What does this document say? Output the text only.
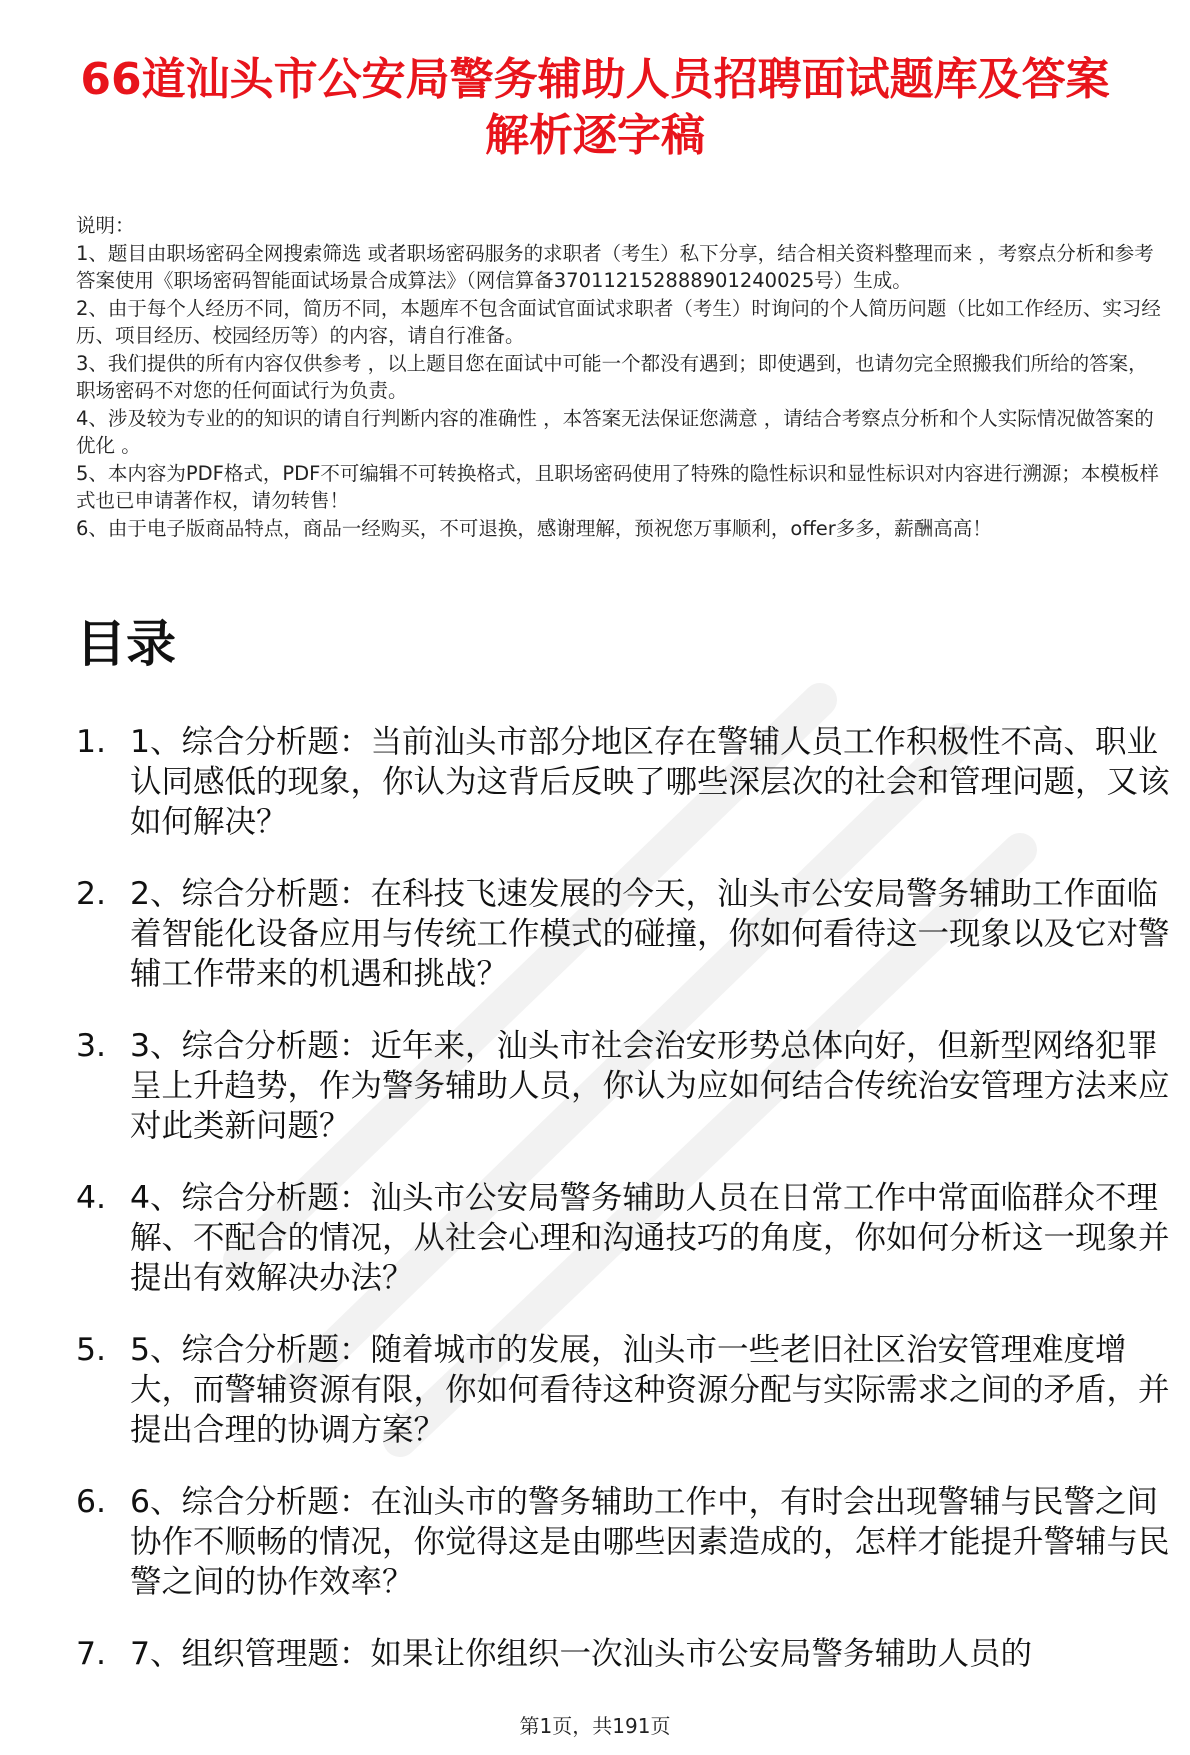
66道汕头市公安局警务辅助人员招聘面试题库及答案解析逐字稿

说明：

1、题目由职场密码全网搜索筛选 或者职场密码服务的求职者（考生）私下分享，结合相关资料整理而来 ，考察点分析和参考答案使用《职场密码智能面试场景合成算法》（网信算备370112152888901240025号）生成。

2、由于每个人经历不同，简历不同，本题库不包含面试官面试求职者（考生）时询问的个人简历问题（比如工作经历、实习经历、项目经历、校园经历等）的内容，请自行准备。

3、我们提供的所有内容仅供参考 ，以上题目您在面试中可能一个都没有遇到；即使遇到，也请勿完全照搬我们所给的答案，职场密码不对您的任何面试行为负责。

4、涉及较为专业的的知识的请自行判断内容的准确性 ，本答案无法保证您满意 ，请结合考察点分析和个人实际情况做答案的优化 。

5、本内容为PDF格式，PDF不可编辑不可转换格式，且职场密码使用了特殊的隐性标识和显性标识对内容进行溯源；本模板样式也已申请著作权，请勿转售！

6、由于电子版商品特点，商品一经购买，不可退换，感谢理解，预祝您万事顺利，offer多多，薪酬高高！

目录
1. 1、综合分析题：当前汕头市部分地区存在警辅人员工作积极性不高、职业认同感低的现象，你认为这背后反映了哪些深层次的社会和管理问题，又该如何解决？
2. 2、综合分析题：在科技飞速发展的今天，汕头市公安局警务辅助工作面临着智能化设备应用与传统工作模式的碰撞，你如何看待这一现象以及它对警辅工作带来的机遇和挑战？
3. 3、综合分析题：近年来，汕头市社会治安形势总体向好，但新型网络犯罪呈上升趋势，作为警务辅助人员，你认为应如何结合传统治安管理方法来应对此类新问题？
4. 4、综合分析题：汕头市公安局警务辅助人员在日常工作中常面临群众不理解、不配合的情况，从社会心理和沟通技巧的角度，你如何分析这一现象并提出有效解决办法？
5. 5、综合分析题：随着城市的发展，汕头市一些老旧社区治安管理难度增大，而警辅资源有限，你如何看待这种资源分配与实际需求之间的矛盾，并提出合理的协调方案？
6. 6、综合分析题：在汕头市的警务辅助工作中，有时会出现警辅与民警之间协作不顺畅的情况，你觉得这是由哪些因素造成的，怎样才能提升警辅与民警之间的协作效率？
7. 7、组织管理题：如果让你组织一次汕头市公安局警务辅助人员的
第1页，共191页
